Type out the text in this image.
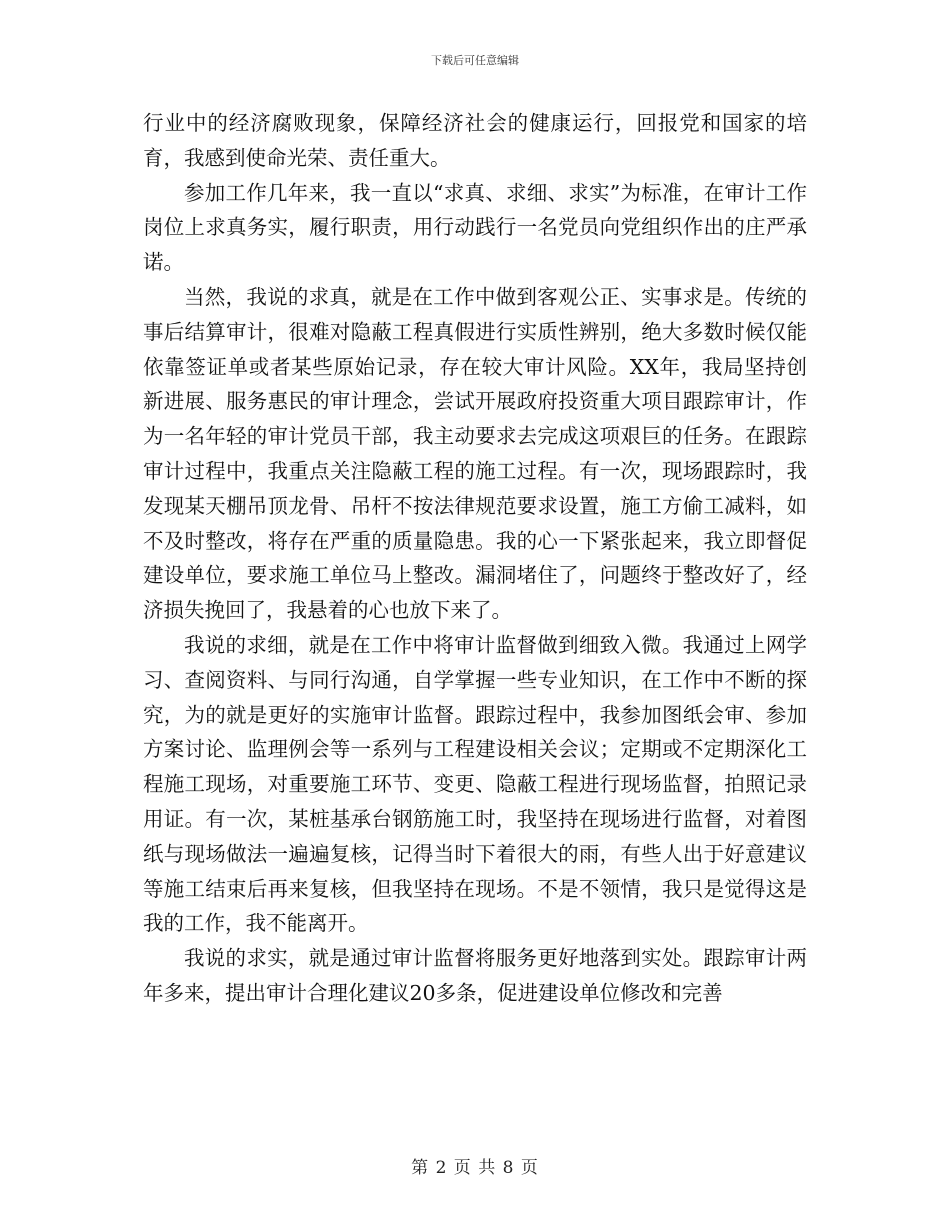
下载后可任意编辑

行业中的经济腐败现象，保障经济社会的健康运行，回报党和国家的培育，我感到使命光荣、责任重大。

参加工作几年来，我一直以“求真、求细、求实”为标准，在审计工作岗位上求真务实，履行职责，用行动践行一名党员向党组织作出的庄严承诺。

当然，我说的求真，就是在工作中做到客观公正、实事求是。传统的事后结算审计，很难对隐蔽工程真假进行实质性辨别，绝大多数时候仅能依靠签证单或者某些原始记录，存在较大审计风险。XX年，我局坚持创新进展、服务惠民的审计理念，尝试开展政府投资重大项目跟踪审计，作为一名年轻的审计党员干部，我主动要求去完成这项艰巨的任务。在跟踪审计过程中，我重点关注隐蔽工程的施工过程。有一次，现场跟踪时，我发现某天棚吊顶龙骨、吊杆不按法律规范要求设置，施工方偷工减料，如不及时整改，将存在严重的质量隐患。我的心一下紧张起来，我立即督促建设单位，要求施工单位马上整改。漏洞堵住了，问题终于整改好了，经济损失挽回了，我悬着的心也放下来了。

我说的求细，就是在工作中将审计监督做到细致入微。我通过上网学习、查阅资料、与同行沟通，自学掌握一些专业知识，在工作中不断的探究，为的就是更好的实施审计监督。跟踪过程中，我参加图纸会审、参加方案讨论、监理例会等一系列与工程建设相关会议；定期或不定期深化工程施工现场，对重要施工环节、变更、隐蔽工程进行现场监督，拍照记录用证。有一次，某桩基承台钢筋施工时，我坚持在现场进行监督，对着图纸与现场做法一遍遍复核，记得当时下着很大的雨，有些人出于好意建议等施工结束后再来复核，但我坚持在现场。不是不领情，我只是觉得这是我的工作，我不能离开。

我说的求实，就是通过审计监督将服务更好地落到实处。跟踪审计两年多来，提出审计合理化建议20多条，促进建设单位修改和完善

第 2 页 共 8 页
